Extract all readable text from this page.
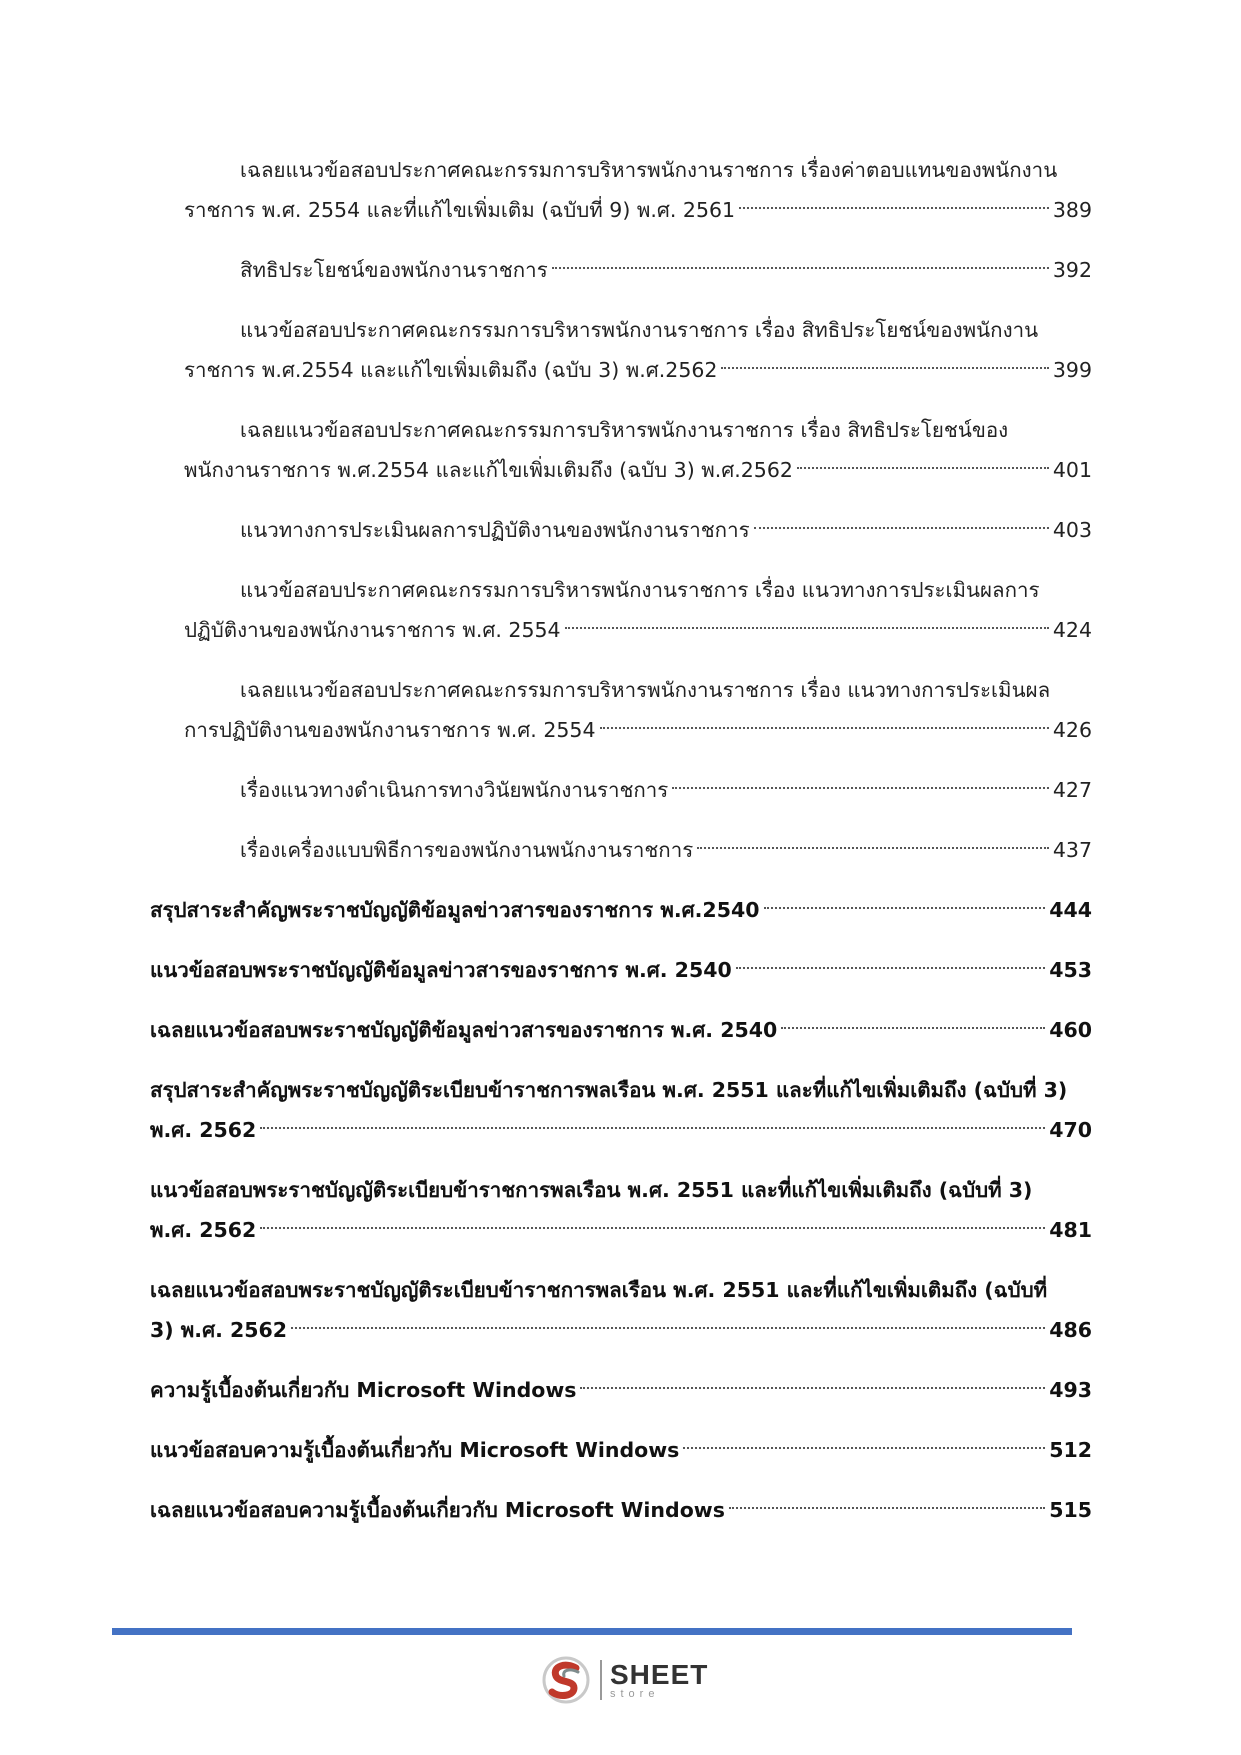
เฉลยแนวข้อสอบประกาศคณะกรรมการบริหารพนักงานราชการ เรื่องค่าตอบแทนของพนักงาน
ราชการ พ.ศ. 2554 และที่แก้ไขเพิ่มเติม (ฉบับที่ 9) พ.ศ. 2561	389
สิทธิประโยชน์ของพนักงานราชการ	392
แนวข้อสอบประกาศคณะกรรมการบริหารพนักงานราชการ เรื่อง สิทธิประโยชน์ของพนักงาน
ราชการ พ.ศ.2554 และแก้ไขเพิ่มเติมถึง (ฉบับ 3) พ.ศ.2562	399
เฉลยแนวข้อสอบประกาศคณะกรรมการบริหารพนักงานราชการ เรื่อง สิทธิประโยชน์ของ
พนักงานราชการ พ.ศ.2554 และแก้ไขเพิ่มเติมถึง (ฉบับ 3) พ.ศ.2562	401
แนวทางการประเมินผลการปฏิบัติงานของพนักงานราชการ	403
แนวข้อสอบประกาศคณะกรรมการบริหารพนักงานราชการ เรื่อง แนวทางการประเมินผลการ
ปฏิบัติงานของพนักงานราชการ พ.ศ. 2554	424
เฉลยแนวข้อสอบประกาศคณะกรรมการบริหารพนักงานราชการ เรื่อง แนวทางการประเมินผล
การปฏิบัติงานของพนักงานราชการ พ.ศ. 2554	426
เรื่องแนวทางดำเนินการทางวินัยพนักงานราชการ	427
เรื่องเครื่องแบบพิธีการของพนักงานพนักงานราชการ	437
สรุปสาระสำคัญพระราชบัญญัติข้อมูลข่าวสารของราชการ พ.ศ.2540	444
แนวข้อสอบพระราชบัญญัติข้อมูลข่าวสารของราชการ พ.ศ. 2540	453
เฉลยแนวข้อสอบพระราชบัญญัติข้อมูลข่าวสารของราชการ พ.ศ. 2540	460
สรุปสาระสำคัญพระราชบัญญัติระเบียบข้าราชการพลเรือน พ.ศ. 2551 และที่แก้ไขเพิ่มเติมถึง (ฉบับที่ 3)
พ.ศ. 2562	470
แนวข้อสอบพระราชบัญญัติระเบียบข้าราชการพลเรือน พ.ศ. 2551 และที่แก้ไขเพิ่มเติมถึง (ฉบับที่ 3)
พ.ศ. 2562	481
เฉลยแนวข้อสอบพระราชบัญญัติระเบียบข้าราชการพลเรือน พ.ศ. 2551 และที่แก้ไขเพิ่มเติมถึง (ฉบับที่
3) พ.ศ. 2562	486
ความรู้เบื้องต้นเกี่ยวกับ Microsoft Windows	493
แนวข้อสอบความรู้เบื้องต้นเกี่ยวกับ Microsoft Windows	512
เฉลยแนวข้อสอบความรู้เบื้องต้นเกี่ยวกับ Microsoft Windows	515
SHEET
store
